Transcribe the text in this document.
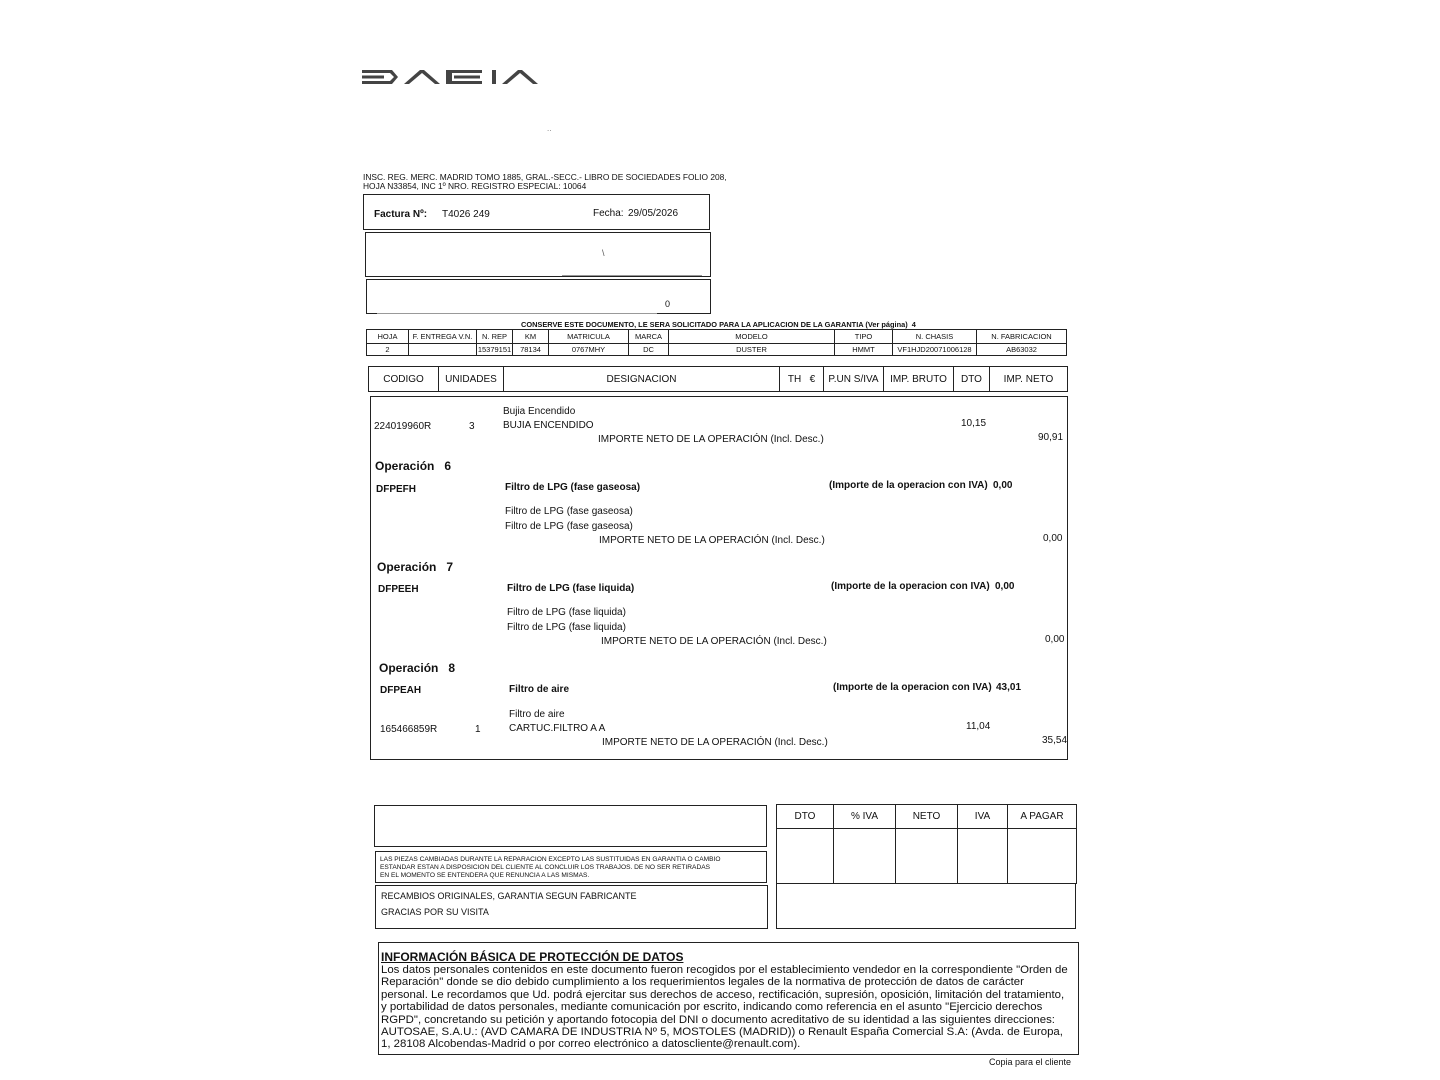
..
INSC. REG. MERC. MADRID TOMO 1885, GRAL.-SECC.- LIBRO DE SOCIEDADES FOLIO 208,
HOJA N33854, INC 1º NRO. REGISTRO ESPECIAL: 10064
Factura Nº: T4026 249	Fecha: 29/05/2026
\
0
CONSERVE ESTE DOCUMENTO, LE SERA SOLICITADO PARA LA APLICACION DE LA GARANTIA (Ver página) 4
HOJA	F. ENTREGA V.N.	N. REP	KM	MATRICULA	MARCA	MODELO	TIPO	N. CHASIS	N. FABRICACION
2		15379151	78134	0767MHY	DC	DUSTER	HMMT	VF1HJD20071006128	AB63032
CODIGO	UNIDADES	DESIGNACION	TH €	P.UN S/IVA	IMP. BRUTO	DTO	IMP. NETO
Bujia Encendido
224019960R	3	BUJIA ENCENDIDO	10,15
IMPORTE NETO DE LA OPERACIÓN (Incl. Desc.)	90,91
Operación 6
DFPEFH	Filtro de LPG (fase gaseosa)	(Importe de la operacion con IVA) 0,00
Filtro de LPG (fase gaseosa)
Filtro de LPG (fase gaseosa)
IMPORTE NETO DE LA OPERACIÓN (Incl. Desc.)	0,00
Operación 7
DFPEEH	Filtro de LPG (fase liquida)	(Importe de la operacion con IVA) 0,00
Filtro de LPG (fase liquida)
Filtro de LPG (fase liquida)
IMPORTE NETO DE LA OPERACIÓN (Incl. Desc.)	0,00
Operación 8
DFPEAH	Filtro de aire	(Importe de la operacion con IVA) 43,01
Filtro de aire
165466859R	1	CARTUC.FILTRO A A	11,04
IMPORTE NETO DE LA OPERACIÓN (Incl. Desc.)	35,54
LAS PIEZAS CAMBIADAS DURANTE LA REPARACION EXCEPTO LAS SUSTITUIDAS EN GARANTIA O CAMBIO
ESTANDAR ESTAN A DISPOSICION DEL CLIENTE AL CONCLUIR LOS TRABAJOS. DE NO SER RETIRADAS
EN EL MOMENTO SE ENTENDERA QUE RENUNCIA A LAS MISMAS.
RECAMBIOS ORIGINALES, GARANTIA SEGUN FABRICANTE
GRACIAS POR SU VISITA
DTO	% IVA	NETO	IVA	A PAGAR

INFORMACIÓN BÁSICA DE PROTECCIÓN DE DATOS
Los datos personales contenidos en este documento fueron recogidos por el establecimiento vendedor en la correspondiente "Orden de Reparación" donde se dio debido cumplimiento a los requerimientos legales de la normativa de protección de datos de carácter personal. Le recordamos que Ud. podrá ejercitar sus derechos de acceso, rectificación, supresión, oposición, limitación del tratamiento, y portabilidad de datos personales, mediante comunicación por escrito, indicando como referencia en el asunto "Ejercicio derechos RGPD", concretando su petición y aportando fotocopia del DNI o documento acreditativo de su identidad a las siguientes direcciones: AUTOSAE, S.A.U.: (AVD CAMARA DE INDUSTRIA Nº 5, MOSTOLES (MADRID)) o Renault España Comercial S.A: (Avda. de Europa, 1, 28108 Alcobendas-Madrid o por correo electrónico a datoscliente@renault.com).
Copia para el cliente
